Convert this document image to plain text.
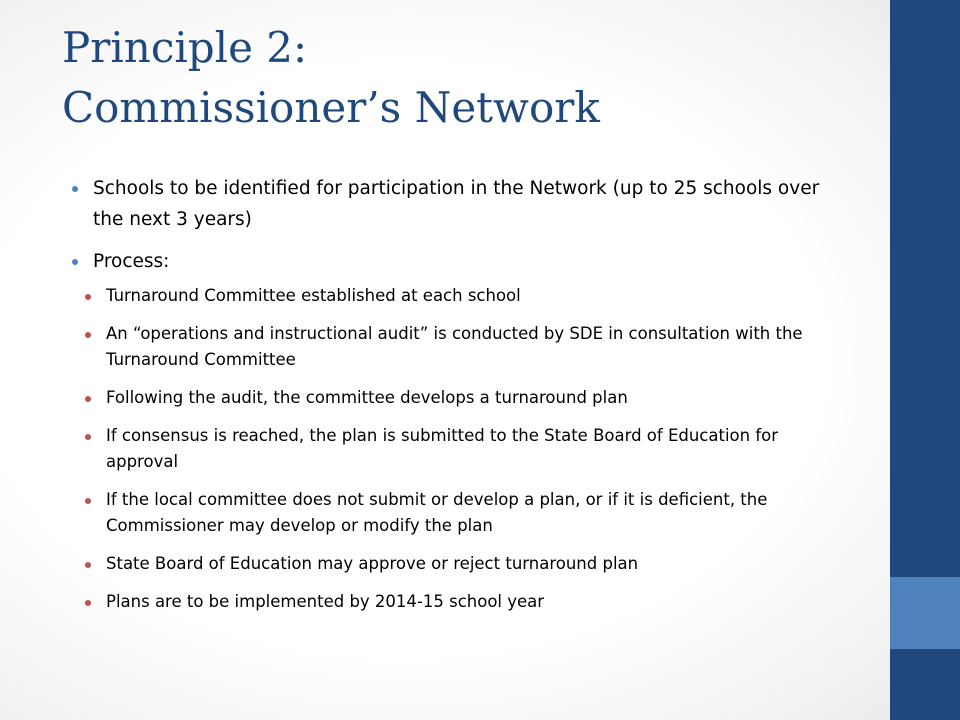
Principle 2:
Commissioner’s Network
Schools to be identified for participation in the Network (up to 25 schools over the next 3 years)
Process:
Turnaround Committee established at each school
An “operations and instructional audit” is conducted by SDE in consultation with the Turnaround Committee
Following the audit, the committee develops a turnaround plan
If consensus is reached, the plan is submitted to the State Board of Education for approval
If the local committee does not submit or develop a plan, or if it is deficient, the Commissioner may develop or modify the plan
State Board of Education may approve or reject turnaround plan
Plans are to be implemented by 2014-15 school year
